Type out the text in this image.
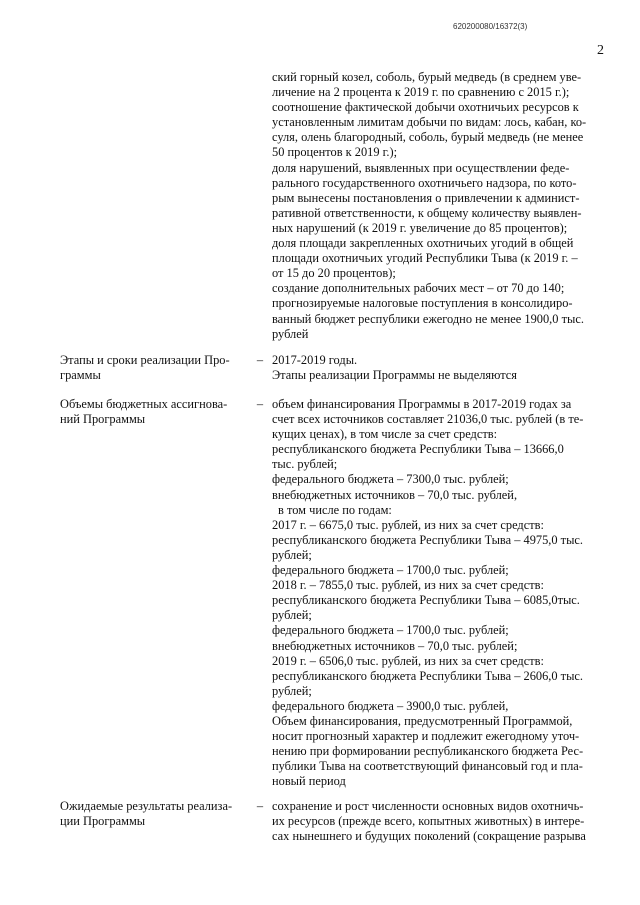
620200080/16372(3)
2
ский горный козел, соболь, бурый медведь (в среднем уве-
личение на 2 процента к 2019 г. по сравнению с 2015 г.);
соотношение фактической добычи охотничьих ресурсов к
установленным лимитам добычи по видам: лось, кабан, ко-
суля, олень благородный, соболь, бурый медведь (не менее
50 процентов к 2019 г.);
доля нарушений, выявленных при осуществлении феде-
рального государственного охотничьего надзора, по кото-
рым вынесены постановления о привлечении к админист-
ративной ответственности, к общему количеству выявлен-
ных нарушений (к 2019 г. увеличение до 85 процентов);
доля площади закрепленных охотничьих угодий в общей
площади охотничьих угодий Республики Тыва (к 2019 г. –
от 15 до 20 процентов);
создание дополнительных рабочих мест – от 70 до 140;
прогнозируемые налоговые поступления в консолидиро-
ванный бюджет республики ежегодно не менее 1900,0 тыс.
рублей
Этапы и сроки реализации Про-
граммы
– 2017-2019 годы.
Этапы реализации Программы не выделяются
Объемы бюджетных ассигнова-
ний Программы
– объем финансирования Программы в 2017-2019 годах за
счет всех источников составляет 21036,0 тыс. рублей (в те-
кущих ценах), в том числе за счет средств:
республиканского бюджета Республики Тыва – 13666,0
тыс. рублей;
федерального бюджета – 7300,0 тыс. рублей;
внебюджетных источников – 70,0 тыс. рублей,
в том числе по годам:
2017 г. – 6675,0 тыс. рублей, из них за счет средств:
республиканского бюджета Республики Тыва – 4975,0 тыс.
рублей;
федерального бюджета – 1700,0 тыс. рублей;
2018 г. – 7855,0 тыс. рублей, из них за счет средств:
республиканского бюджета Республики Тыва – 6085,0тыс.
рублей;
федерального бюджета – 1700,0 тыс. рублей;
внебюджетных источников – 70,0 тыс. рублей;
2019 г. – 6506,0 тыс. рублей, из них за счет средств:
республиканского бюджета Республики Тыва – 2606,0 тыс.
рублей;
федерального бюджета – 3900,0 тыс. рублей,
Объем финансирования, предусмотренный Программой,
носит прогнозный характер и подлежит ежегодному уточ-
нению при формировании республиканского бюджета Рес-
публики Тыва на соответствующий финансовый год и пла-
новый период
Ожидаемые результаты реализа-
ции Программы
– сохранение и рост численности основных видов охотничь-
их ресурсов (прежде всего, копытных животных) в интере-
сах нынешнего и будущих поколений (сокращение разрыва
